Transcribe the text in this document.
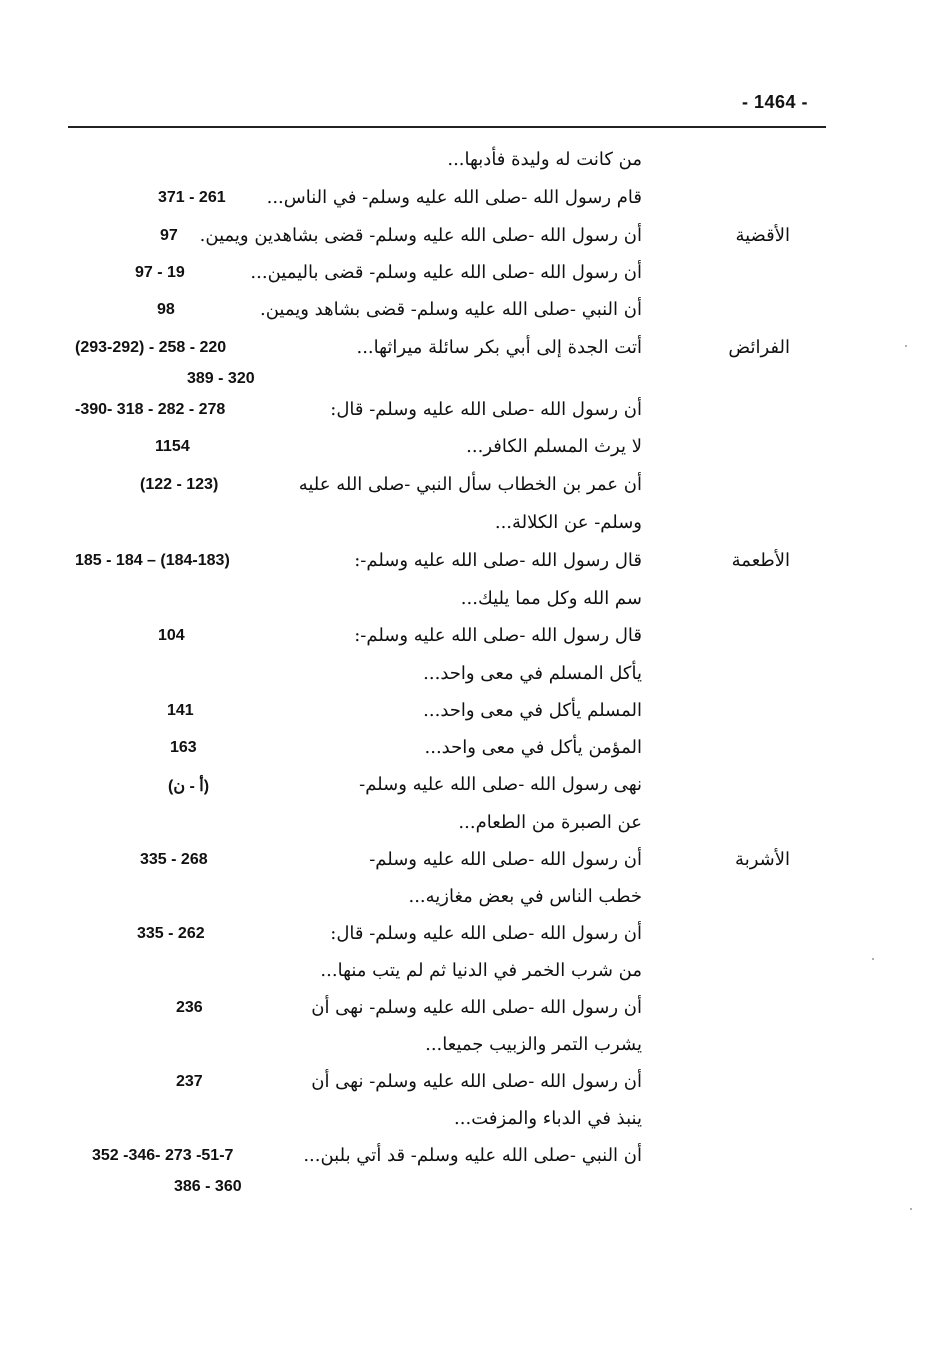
- 1464 -
من كانت له وليدة فأدبها...
قام رسول الله -صلى الله عليه وسلم- في الناس...
371 - 261
الأقضية
أن رسول الله -صلى الله عليه وسلم- قضى بشاهدين ويمين.
97
أن رسول الله -صلى الله عليه وسلم- قضى باليمين...
97 - 19
أن النبي -صلى الله عليه وسلم- قضى بشاهد ويمين.
98
الفرائض
أتت الجدة إلى أبي بكر سائلة ميراثها...
(293-292) - 258 - 220
389 - 320
أن رسول الله -صلى الله عليه وسلم- قال:
-390- 318 - 282 - 278
لا يرث المسلم الكافر...
1154
أن عمر بن الخطاب سأل النبي -صلى الله عليه
(122 - 123)
وسلم- عن الكلالة...
الأطعمة
قال رسول الله -صلى الله عليه وسلم-:
185 - 184 – (184-183)
سم الله وكل مما يليك...
قال رسول الله -صلى الله عليه وسلم-:
104
يأكل المسلم في معى واحد...
المسلم يأكل في معى واحد...
141
المؤمن يأكل في معى واحد...
163
نهى رسول الله -صلى الله عليه وسلم-
(أ - ن)
عن الصبرة من الطعام...
الأشربة
أن رسول الله -صلى الله عليه وسلم-
335 - 268
خطب الناس في بعض مغازيه...
أن رسول الله -صلى الله عليه وسلم- قال:
335 - 262
من شرب الخمر في الدنيا ثم لم يتب منها...
أن رسول الله -صلى الله عليه وسلم- نهى أن
236
يشرب التمر والزبيب جميعا...
أن رسول الله -صلى الله عليه وسلم- نهى أن
237
ينبذ في الدباء والمزفت...
أن النبي -صلى الله عليه وسلم- قد أتي بلبن...
352 -346- 273 -51-7
386 - 360
